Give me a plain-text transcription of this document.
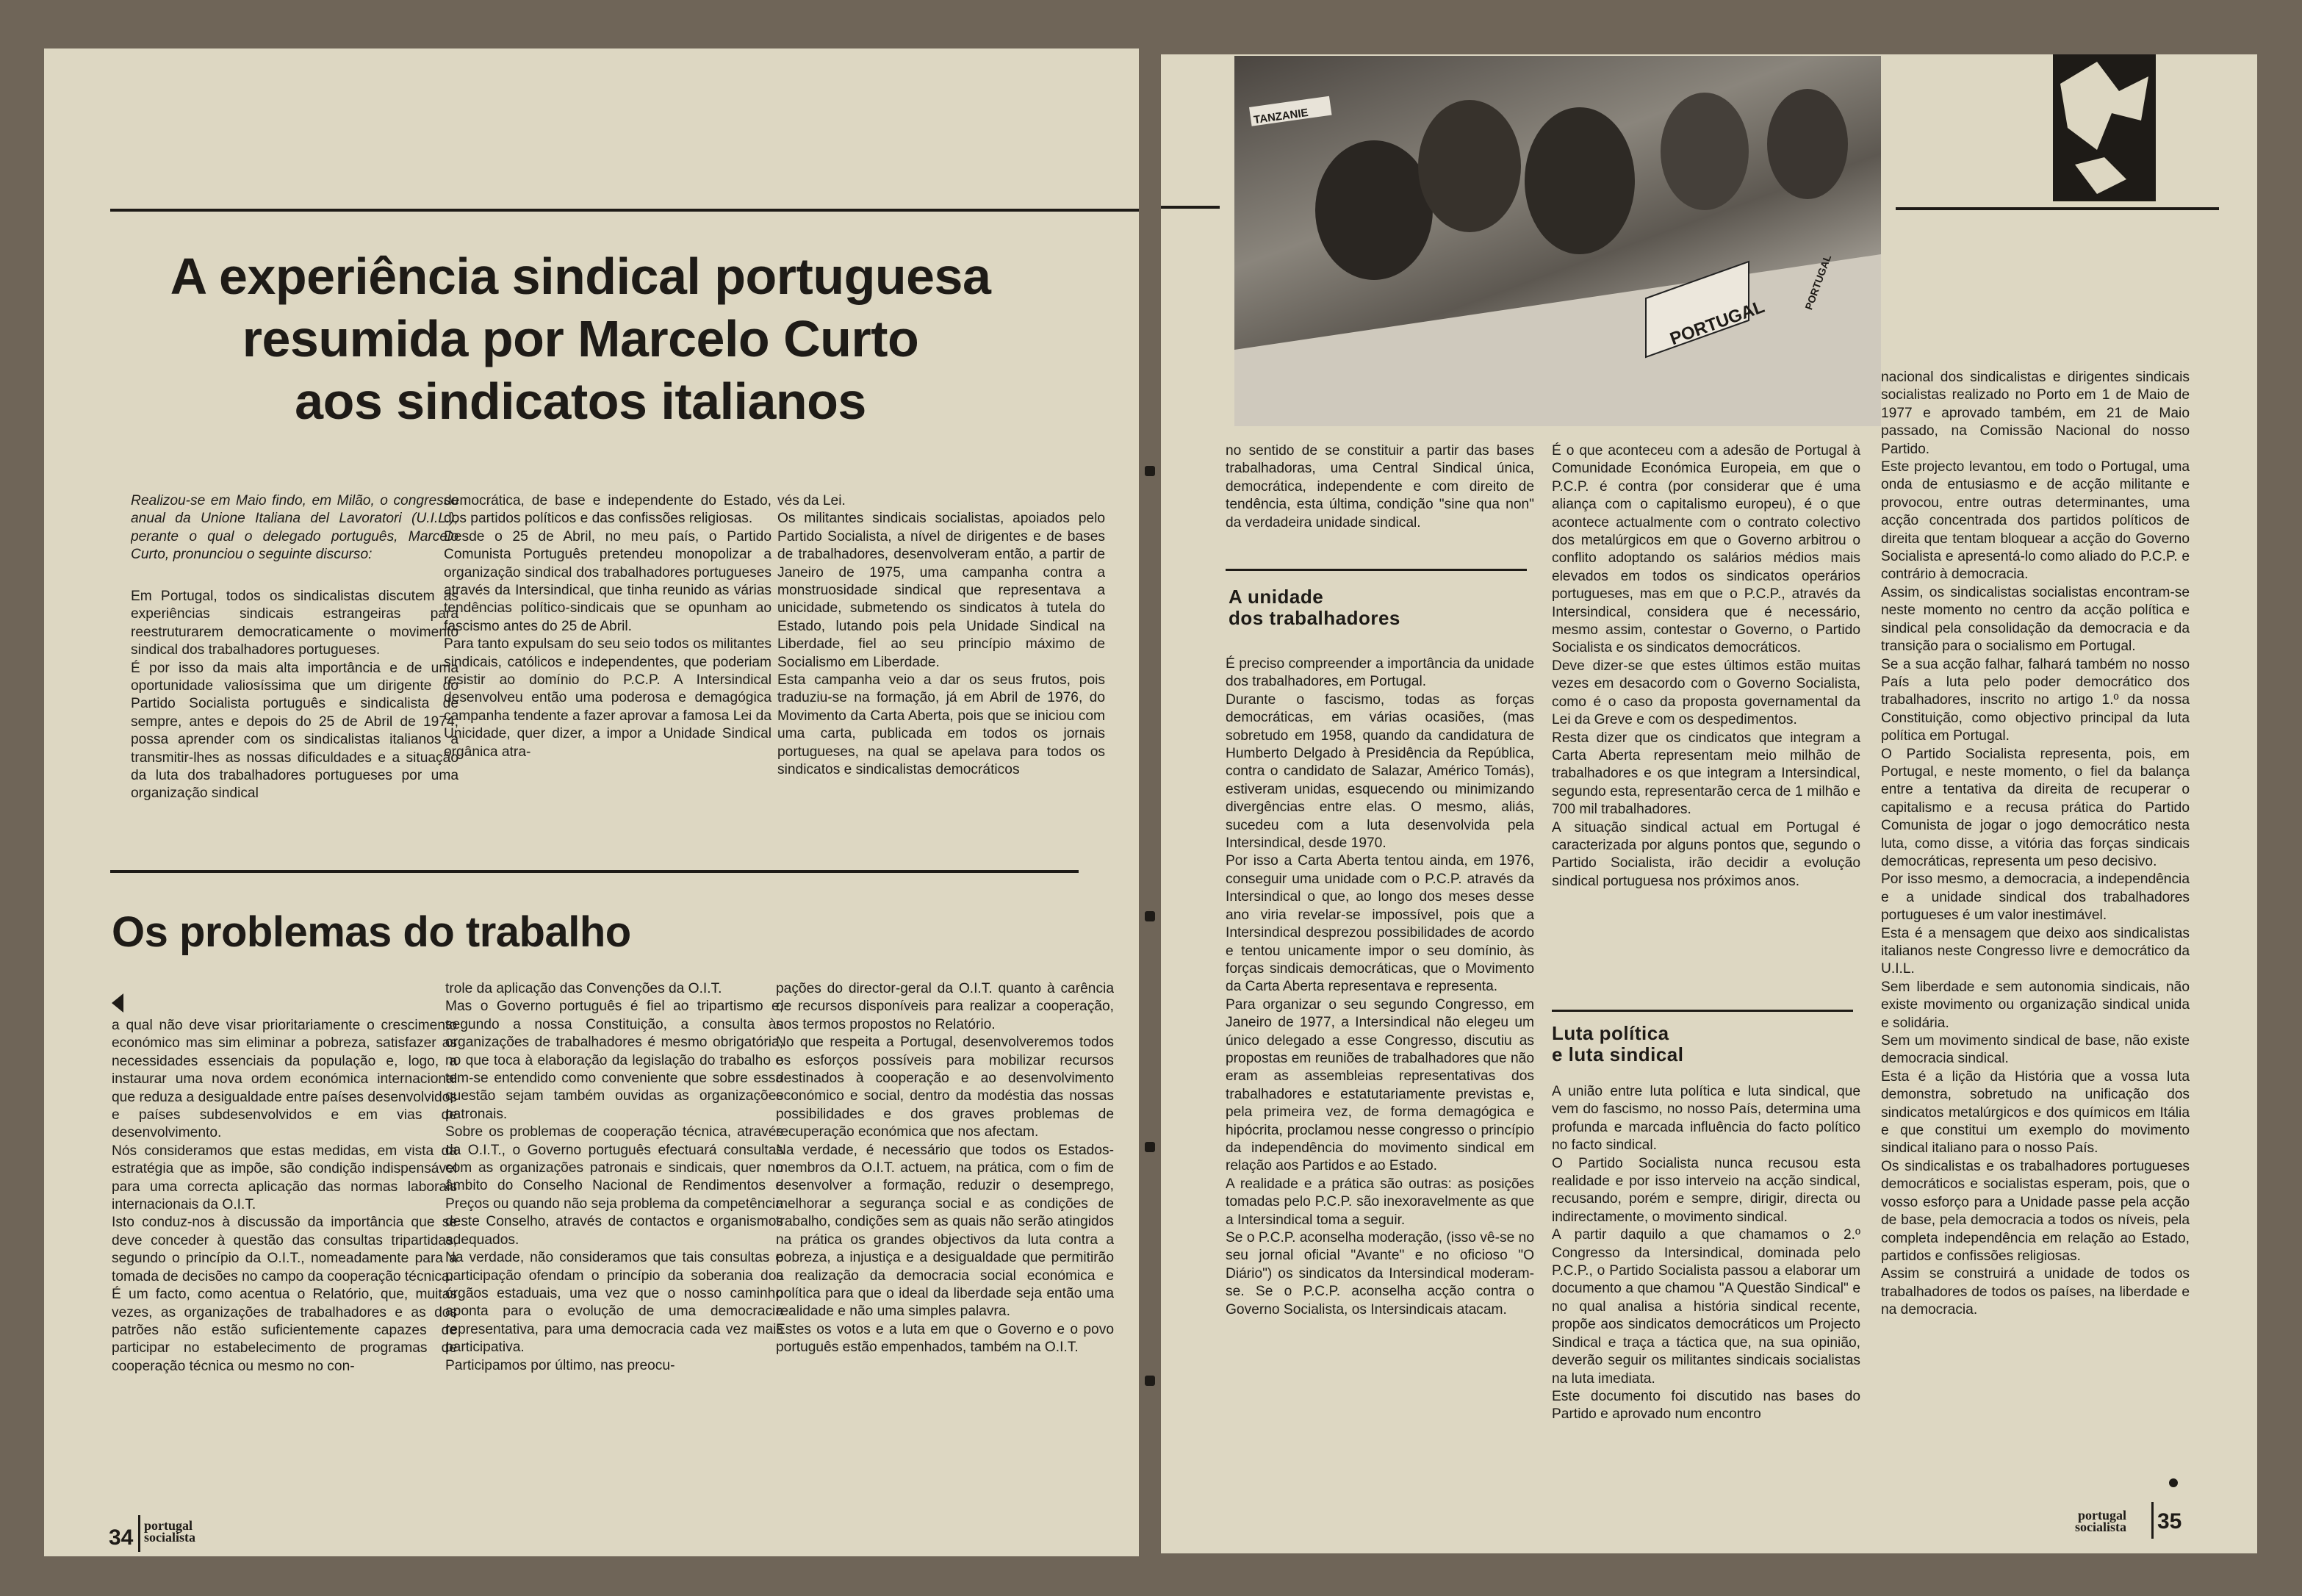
A experiência sindical portuguesa
resumida por Marcelo Curto
aos sindicatos italianos
Realizou-se em Maio findo, em Milão, o congresso anual da Unione Italiana del Lavoratori (U.I.L.), perante o qual o delegado português, Marcelo Curto, pronunciou o seguinte discurso:
Em Portugal, todos os sindicalistas discutem as experiências sindicais estrangeiras para reestruturarem democraticamente o movimento sindical dos trabalhadores portugueses.
É por isso da mais alta importância e de uma oportunidade valiosíssima que um dirigente do Partido Socialista português e sindicalista de sempre, antes e depois do 25 de Abril de 1974, possa aprender com os sindicalistas italianos a transmitir-lhes as nossas dificuldades e a situação da luta dos trabalhadores portugueses por uma organização sindical
democrática, de base e independente do Estado, dos partidos políticos e das confissões religiosas.
Desde o 25 de Abril, no meu país, o Partido Comunista Português pretendeu monopolizar a organização sindical dos trabalhadores portugueses através da Intersindical, que tinha reunido as várias tendências político-sindicais que se opunham ao fascismo antes do 25 de Abril.
Para tanto expulsam do seu seio todos os militantes sindicais, católicos e independentes, que poderiam resistir ao domínio do P.C.P. A Intersindical desenvolveu então uma poderosa e demagógica campanha tendente a fazer aprovar a famosa Lei da Unicidade, quer dizer, a impor a Unidade Sindical orgânica atra-
vés da Lei.
Os militantes sindicais socialistas, apoiados pelo Partido Socialista, a nível de dirigentes e de bases de trabalhadores, desenvolveram então, a partir de Janeiro de 1975, uma campanha contra a monstruosidade sindical que representava a unicidade, submetendo os sindicatos à tutela do Estado, lutando pois pela Unidade Sindical na Liberdade, fiel ao seu princípio máximo de Socialismo em Liberdade.
Esta campanha veio a dar os seus frutos, pois traduziu-se na formação, já em Abril de 1976, do Movimento da Carta Aberta, pois que se iniciou com uma carta, publicada em todos os jornais portugueses, na qual se apelava para todos os sindicatos e sindicalistas democráticos
Os problemas do trabalho
a qual não deve visar prioritariamente o crescimento económico mas sim eliminar a pobreza, satisfazer as necessidades essenciais da população e, logo, a instaurar uma nova ordem económica internacional que reduza a desigualdade entre países desenvolvidos e países subdesenvolvidos e em vias de desenvolvimento.
Nós consideramos que estas medidas, em vista da estratégia que as impõe, são condição indispensável para uma correcta aplicação das normas laborais internacionais da O.I.T.
Isto conduz-nos à discussão da importância que se deve conceder à questão das consultas tripartidas, segundo o princípio da O.I.T., nomeadamente para a tomada de decisões no campo da cooperação técnica.
É um facto, como acentua o Relatório, que, muitas vezes, as organizações de trabalhadores e as dos patrões não estão suficientemente capazes de participar no estabelecimento de programas de cooperação técnica ou mesmo no con-
trole da aplicação das Convenções da O.I.T.
Mas o Governo português é fiel ao tripartismo e, segundo a nossa Constituição, a consulta às organizações de trabalhadores é mesmo obrigatória, no que toca à elaboração da legislação do trabalho e tem-se entendido como conveniente que sobre essa questão sejam também ouvidas as organizações patronais.
Sobre os problemas de cooperação técnica, através da O.I.T., o Governo português efectuará consultas com as organizações patronais e sindicais, quer no âmbito do Conselho Nacional de Rendimentos e Preços ou quando não seja problema da competência deste Conselho, através de contactos e organismos adequados.
Na verdade, não consideramos que tais consultas e participação ofendam o princípio da soberania dos órgãos estaduais, uma vez que o nosso caminho aponta para o evolução de uma democracia representativa, para uma democracia cada vez mais participativa.
Participamos por último, nas preocu-
pações do director-geral da O.I.T. quanto à carência de recursos disponíveis para realizar a cooperação, nos termos propostos no Relatório.
No que respeita a Portugal, desenvolveremos todos os esforços possíveis para mobilizar recursos destinados à cooperação e ao desenvolvimento económico e social, dentro da modéstia das nossas possibilidades e dos graves problemas de recuperação económica que nos afectam.
Na verdade, é necessário que todos os Estados-membros da O.I.T. actuem, na prática, com o fim de desenvolver a formação, reduzir o desemprego, melhorar a segurança social e as condições de trabalho, condições sem as quais não serão atingidos na prática os grandes objectivos da luta contra a pobreza, a injustiça e a desigualdade que permitirão a realização da democracia social económica e política para que o ideal da liberdade seja então uma realidade e não uma simples palavra.
Estes os votos e a luta em que o Governo e o povo português estão empenhados, também na O.I.T.
34 portugal
socialista
TANZANIE
PORTUGAL
PORTUGAL
no sentido de se constituir a partir das bases trabalhadoras, uma Central Sindical única, democrática, independente e com direito de tendência, esta última, condição "sine qua non" da verdadeira unidade sindical.
A unidade
dos trabalhadores
É preciso compreender a importância da unidade dos trabalhadores, em Portugal.
Durante o fascismo, todas as forças democráticas, em várias ocasiões, (mas sobretudo em 1958, quando da candidatura de Humberto Delgado à Presidência da República, contra o candidato de Salazar, Américo Tomás), estiveram unidas, esquecendo ou minimizando divergências entre elas. O mesmo, aliás, sucedeu com a luta desenvolvida pela Intersindical, desde 1970.
Por isso a Carta Aberta tentou ainda, em 1976, conseguir uma unidade com o P.C.P. através da Intersindical o que, ao longo dos meses desse ano viria revelar-se impossível, pois que a Intersindical desprezou possibilidades de acordo e tentou unicamente impor o seu domínio, às forças sindicais democráticas, que o Movimento da Carta Aberta representava e representa.
Para organizar o seu segundo Congresso, em Janeiro de 1977, a Intersindical não elegeu um único delegado a esse Congresso, discutiu as propostas em reuniões de trabalhadores que não eram as assembleias representativas dos trabalhadores e estatutariamente previstas e, pela primeira vez, de forma demagógica e hipócrita, proclamou nesse congresso o princípio da independência do movimento sindical em relação aos Partidos e ao Estado.
A realidade e a prática são outras: as posições tomadas pelo P.C.P. são inexoravelmente as que a Intersindical toma a seguir.
Se o P.C.P. aconselha moderação, (isso vê-se no seu jornal oficial "Avante" e no oficioso "O Diário") os sindicatos da Intersindical moderam-se. Se o P.C.P. aconselha acção contra o Governo Socialista, os Intersindicais atacam.
É o que aconteceu com a adesão de Portugal à Comunidade Económica Europeia, em que o P.C.P. é contra (por considerar que é uma aliança com o capitalismo europeu), é o que acontece actualmente com o contrato colectivo dos metalúrgicos em que o Governo arbitrou o conflito adoptando os salários médios mais elevados em todos os sindicatos operários portugueses, mas em que o P.C.P., através da Intersindical, considera que é necessário, mesmo assim, contestar o Governo, o Partido Socialista e os sindicatos democráticos.
Deve dizer-se que estes últimos estão muitas vezes em desacordo com o Governo Socialista, como é o caso da proposta governamental da Lei da Greve e com os despedimentos.
Resta dizer que os cindicatos que integram a Carta Aberta representam meio milhão de trabalhadores e os que integram a Intersindical, segundo esta, representarão cerca de 1 milhão e 700 mil trabalhadores.
A situação sindical actual em Portugal é caracterizada por alguns pontos que, segundo o Partido Socialista, irão decidir a evolução sindical portuguesa nos próximos anos.
Luta política
e luta sindical
A união entre luta política e luta sindical, que vem do fascismo, no nosso País, determina uma profunda e marcada influência do facto político no facto sindical.
O Partido Socialista nunca recusou esta realidade e por isso interveio na acção sindical, recusando, porém e sempre, dirigir, directa ou indirectamente, o movimento sindical.
A partir daquilo a que chamamos o 2.º Congresso da Intersindical, dominada pelo P.C.P., o Partido Socialista passou a elaborar um documento a que chamou "A Questão Sindical" e no qual analisa a história sindical recente, propõe aos sindicatos democráticos um Projecto Sindical e traça a táctica que, na sua opinião, deverão seguir os militantes sindicais socialistas na luta imediata.
Este documento foi discutido nas bases do Partido e aprovado num encontro
nacional dos sindicalistas e dirigentes sindicais socialistas realizado no Porto em 1 de Maio de 1977 e aprovado também, em 21 de Maio passado, na Comissão Nacional do nosso Partido.
Este projecto levantou, em todo o Portugal, uma onda de entusiasmo e de acção militante e provocou, entre outras determinantes, uma acção concentrada dos partidos políticos de direita que tentam bloquear a acção do Governo Socialista e apresentá-lo como aliado do P.C.P. e contrário à democracia.
Assim, os sindicalistas socialistas encontram-se neste momento no centro da acção política e sindical pela consolidação da democracia e da transição para o socialismo em Portugal.
Se a sua acção falhar, falhará também no nosso País a luta pelo poder democrático dos trabalhadores, inscrito no artigo 1.º da nossa Constituição, como objectivo principal da luta política em Portugal.
O Partido Socialista representa, pois, em Portugal, e neste momento, o fiel da balança entre a tentativa da direita de recuperar o capitalismo e a recusa prática do Partido Comunista de jogar o jogo democrático nesta luta, como disse, a vitória das forças sindicais democráticas, representa um peso decisivo.
Por isso mesmo, a democracia, a independência e a unidade sindical dos trabalhadores portugueses é um valor inestimável.
Esta é a mensagem que deixo aos sindicalistas italianos neste Congresso livre e democrático da U.I.L.
Sem liberdade e sem autonomia sindicais, não existe movimento ou organização sindical unida e solidária.
Sem um movimento sindical de base, não existe democracia sindical.
Esta é a lição da História que a vossa luta demonstra, sobretudo na unificação dos sindicatos metalúrgicos e dos químicos em Itália e que constitui um exemplo do movimento sindical italiano para o nosso País.
Os sindicalistas e os trabalhadores portugueses democráticos e socialistas esperam, pois, que o vosso esforço para a Unidade passe pela acção de base, pela democracia a todos os níveis, pela completa independência em relação ao Estado, partidos e confissões religiosas.
Assim se construirá a unidade de todos os trabalhadores de todos os países, na liberdade e na democracia.
portugal
socialista 35
